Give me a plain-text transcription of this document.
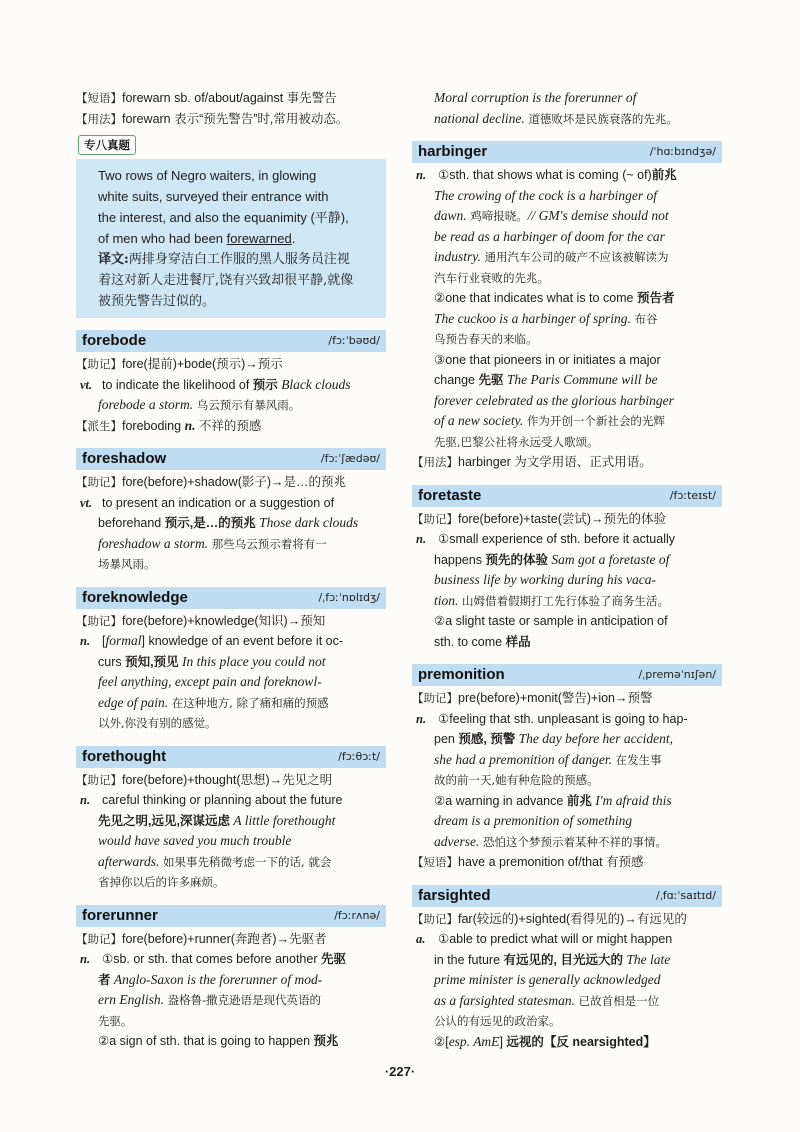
【短语】forewarn sb. of/about/against 事先警告
【用法】forewarn 表示“预先警告”时,常用被动态。
专八真题
Two rows of Negro waiters, in glowing
white suits, surveyed their entrance with
the interest, and also the equanimity (平静),
of men who had been forewarned.
译文:两排身穿洁白工作服的黑人服务员注视
着这对新人走进餐厅,饶有兴致却很平静,就像
被预先警告过似的。
forebode	/fɔːˈbəʊd/
【助记】fore(提前)+bode(预示)→预示
vt. to indicate the likelihood of 预示 Black clouds
forebode a storm. 乌云预示有暴风雨。
【派生】foreboding n. 不祥的预感
foreshadow	/fɔːˈʃædəʊ/
【助记】fore(before)+shadow(影子)→是…的预兆
vt. to present an indication or a suggestion of
beforehand 预示,是…的预兆 Those dark clouds
foreshadow a storm. 那些乌云预示着将有一
场暴风雨。
foreknowledge	/ˌfɔːˈnɒlɪdʒ/
【助记】fore(before)+knowledge(知识)→预知
n. [formal] knowledge of an event before it oc-
curs 预知,预见 In this place you could not
feel anything, except pain and foreknowl-
edge of pain. 在这种地方, 除了痛和痛的预感
以外,你没有别的感觉。
forethought	/fɔːθɔːt/
【助记】fore(before)+thought(思想)→先见之明
n. careful thinking or planning about the future
先见之明,远见,深谋远虑 A little forethought
would have saved you much trouble
afterwards. 如果事先稍微考虑一下的话, 就会
省掉你以后的许多麻烦。
forerunner	/fɔːrʌnə/
【助记】fore(before)+runner(奔跑者)→先驱者
n. ①sb. or sth. that comes before another 先驱
者 Anglo-Saxon is the forerunner of mod-
ern English. 盎格鲁-撒克逊语是现代英语的
先驱。
②a sign of sth. that is going to happen 预兆
Moral corruption is the forerunner of
national decline. 道德败坏是民族衰落的先兆。
harbinger	/ˈhɑːbɪndʒə/
n. ①sth. that shows what is coming (~ of)前兆
The crowing of the cock is a harbinger of
dawn. 鸡啼报晓。// GM's demise should not
be read as a harbinger of doom for the car
industry. 通用汽车公司的破产不应该被解读为
汽车行业衰败的先兆。
②one that indicates what is to come 预告者
The cuckoo is a harbinger of spring. 布谷
鸟预告春天的来临。
③one that pioneers in or initiates a major
change 先驱 The Paris Commune will be
forever celebrated as the glorious harbinger
of a new society. 作为开创一个新社会的光辉
先驱,巴黎公社将永远受人歌颂。
【用法】harbinger 为文学用语、正式用语。
foretaste	/fɔːteɪst/
【助记】fore(before)+taste(尝试)→预先的体验
n. ①small experience of sth. before it actually
happens 预先的体验 Sam got a foretaste of
business life by working during his vaca-
tion. 山姆借着假期打工先行体验了商务生活。
②a slight taste or sample in anticipation of
sth. to come 样品
premonition	/ˌpreməˈnɪʃən/
【助记】pre(before)+monit(警告)+ion→预警
n. ①feeling that sth. unpleasant is going to hap-
pen 预感, 预警 The day before her accident,
she had a premonition of danger. 在发生事
故的前一天,她有种危险的预感。
②a warning in advance 前兆 I'm afraid this
dream is a premonition of something
adverse. 恐怕这个梦预示着某种不祥的事情。
【短语】have a premonition of/that 有预感
farsighted	/ˌfɑːˈsaɪtɪd/
【助记】far(较远的)+sighted(看得见的)→有远见的
a. ①able to predict what will or might happen
in the future 有远见的, 目光远大的 The late
prime minister is generally acknowledged
as a farsighted statesman. 已故首相是一位
公认的有远见的政治家。
②[esp. AmE] 远视的【反 nearsighted】
·227·
